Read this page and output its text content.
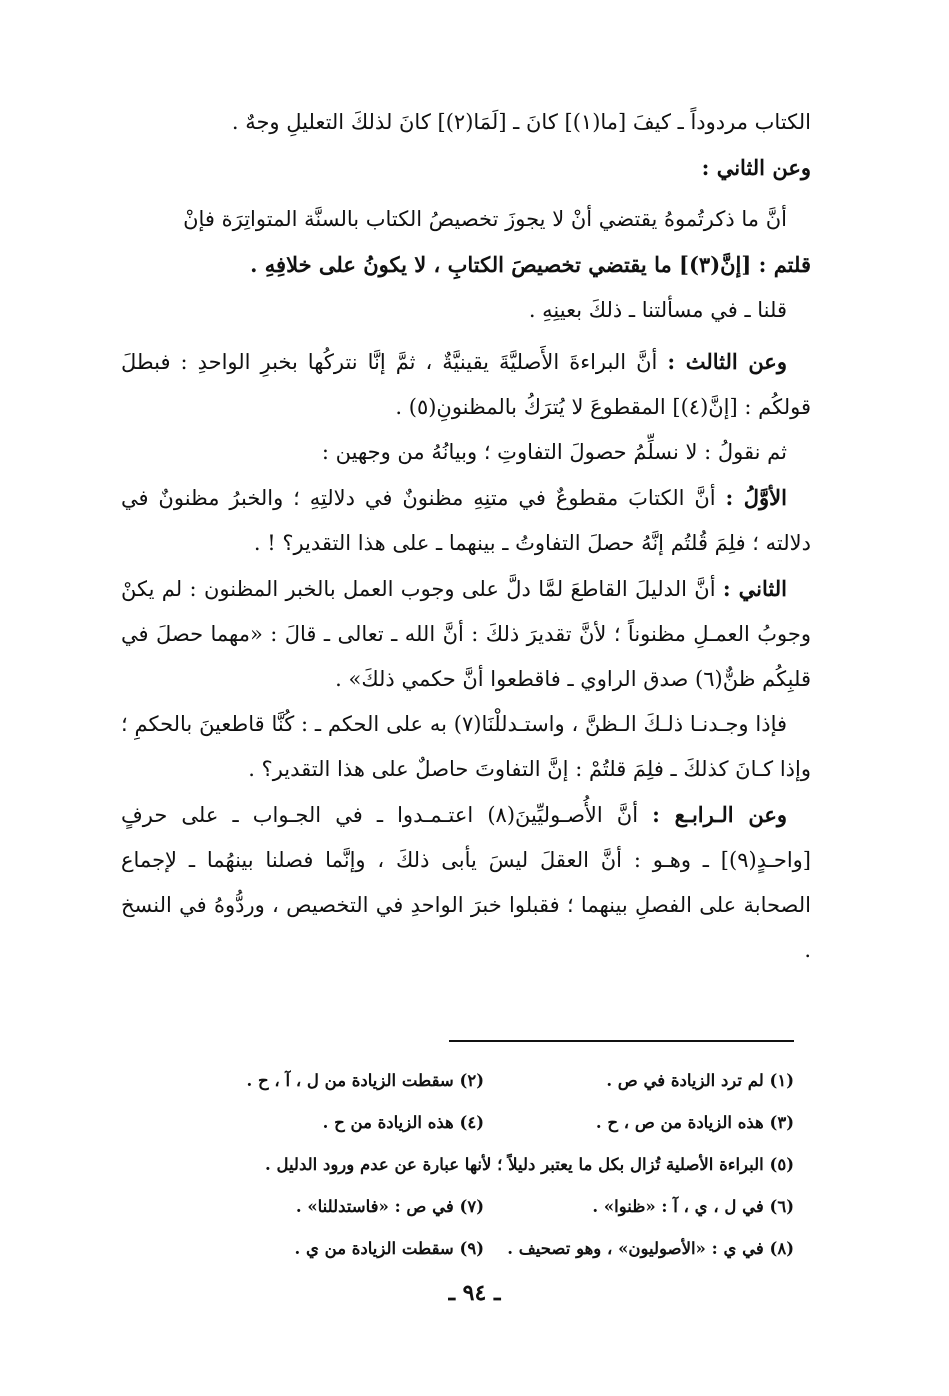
الكتاب مردوداً ـ كيفَ [ما(١)] كانَ ـ [لَمَا(٢)] كانَ لذلكَ التعليلِ وجهٌ .

وعن الثاني :

أنَّ ما ذكرتُموهُ يقتضي أنْ لا يجوزَ تخصيصُ الكتاب بالسنَّة المتواتِرَة فإنْ

قلتم : [إنَّ(٣)] ما يقتضي تخصيصَ الكتابِ ، لا يكونُ على خلافِهِ .

قلنا ـ في مسألتنا ـ ذلكَ بعينِهِ .

وعن الثالث : أنَّ البراءةَ الأَصليَّةَ يقينيَّةٌ ، ثمَّ إنَّا نتركُها بخبرِ الواحدِ : فبطلَ قولكُم : [إنَّ(٤)] المقطوعَ لا يُترَكُ بالمظنونِ(٥) .

ثم نقولُ : لا نسلِّمُ حصولَ التفاوتِ ؛ وبيانُهُ من وجهين :

الأوَّلُ : أنَّ الكتابَ مقطوعٌ في متنِهِ مظنونٌ في دلالتِهِ ؛ والخبرُ مظنونٌ في دلالته ؛ فلِمَ قُلتُم إنَّهُ حصلَ التفاوتُ ـ بينهما ـ على هذا التقدير؟ ! .

الثاني : أنَّ الدليلَ القاطعَ لمَّا دلَّ على وجوب العمل بالخبر المظنون : لم يكنْ وجوبُ العمـلِ مظنوناً ؛ لأنَّ تقديرَ ذلكَ : أنَّ الله ـ تعالى ـ قالَ : «مهما حصلَ في قلبِكُم ظنٌّ(٦) صدق الراوي ـ فاقطعوا أنَّ حكمي ذلكَ» .

فإذا وجـدنـا ذلـكَ الـظنَّ ، واستـدللْنَا(٧) به على الحكم ـ : كُنَّا قاطعينَ بالحكمِ ؛ وإذا كـانَ كذلكَ ـ فلِمَ قلتُمْ : إنَّ التفاوتَ حاصلٌ على هذا التقدير؟ .

وعن الـرابـع : أنَّ الأُصـوليِّينَ(٨) اعتـمـدوا ـ في الجـواب ـ على حرفٍ [واحـدٍ(٩)] ـ وهـو : أنَّ العقلَ ليسَ يأبى ذلكَ ، وإنَّما فصلنا بينهُما ـ لإجماع الصحابة على الفصلِ بينهما ؛ فقبلوا خبرَ الواحدِ في التخصيص ، وردُّوهُ في النسخ .

(١) لم ترد الزيادة في ص .
(٢) سقطت الزيادة من ل ، آ ، ح .
(٣) هذه الزيادة من ص ، ح .
(٤) هذه الزيادة من ح .
(٥) البراءة الأصلية تُزال بكل ما يعتبر دليلاً ؛ لأنها عبارة عن عدم ورود الدليل .
(٦) في ل ، ي ، آ : «ظنوا» .
(٧) في ص : «فاستدللنا» .
(٨) في ي : «الأصوليون» ، وهو تصحيف .
(٩) سقطت الزيادة من ي .
ـ ٩٤ ـ
